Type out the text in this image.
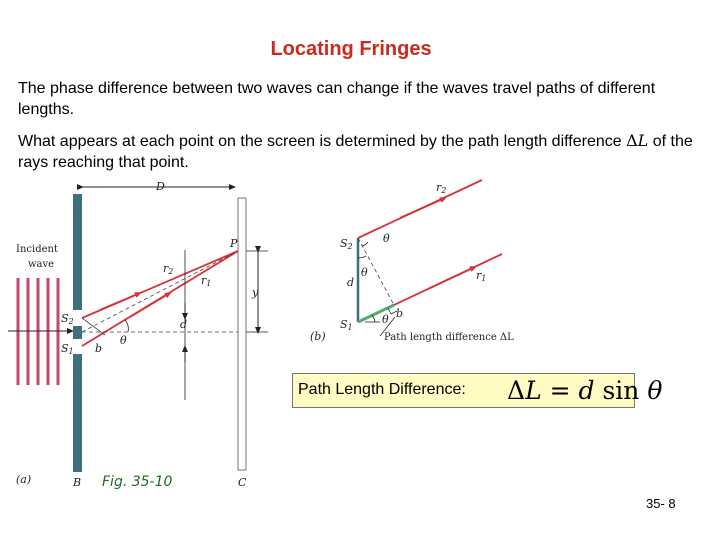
Locating Fringes
The phase difference between two waves can change if the waves travel paths of different lengths.
What appears at each point on the screen is determined by the path length difference ΔL of the rays reaching that point.
Incident
wave
D
P
r2
r1
y
d
θ
b
S2
S1
(a)	B	C
S2
S1
d
θ
θ
θ b
r2
r1
(b)	Path length difference ΔL
Path Length Difference: ΔL = d sin θ
Fig. 35-10
35- 8
